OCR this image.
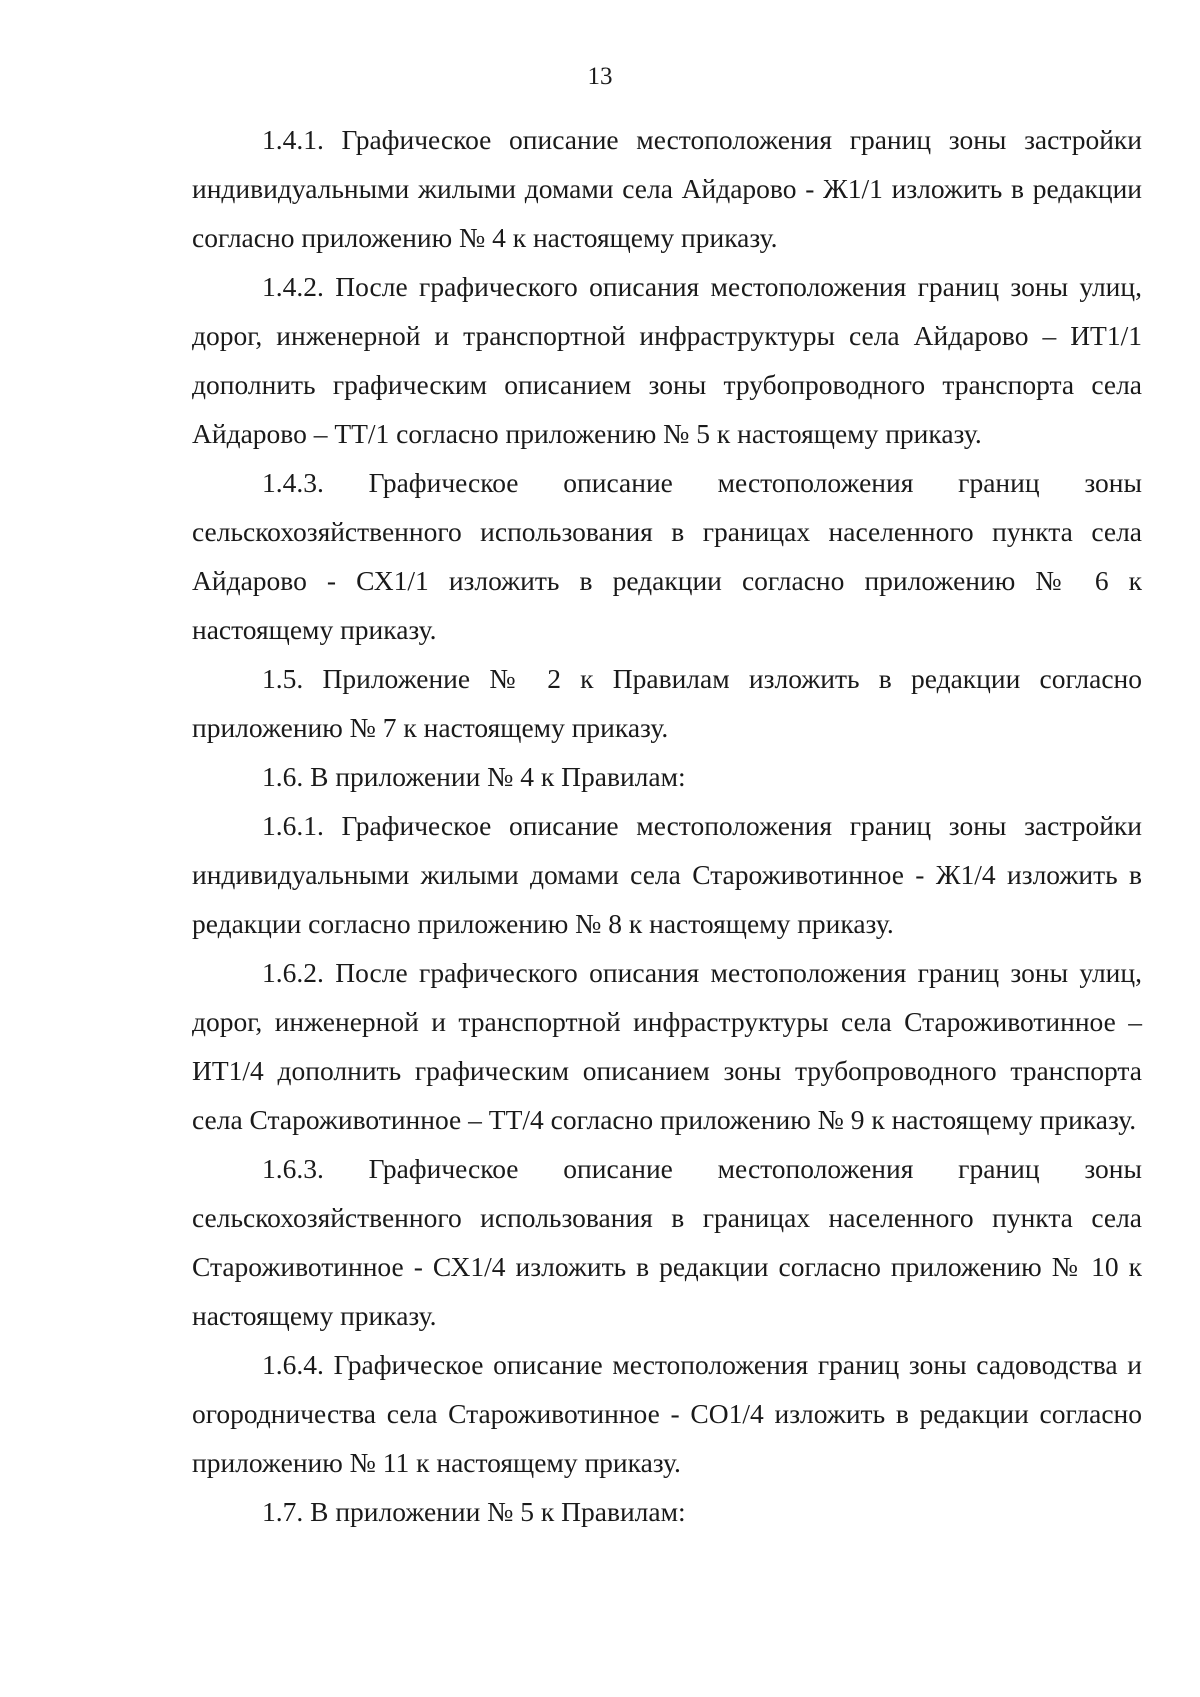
13

1.4.1. Графическое описание местоположения границ зоны застройки индивидуальными жилыми домами села Айдарово - Ж1/1 изложить в редакции согласно приложению № 4 к настоящему приказу.

1.4.2. После графического описания местоположения границ зоны улиц, дорог, инженерной и транспортной инфраструктуры села Айдарово – ИТ1/1 дополнить графическим описанием зоны трубопроводного транспорта села Айдарово – ТТ/1 согласно приложению № 5 к настоящему приказу.

1.4.3. Графическое описание местоположения границ зоны сельскохозяйственного использования в границах населенного пункта села Айдарово - СХ1/1 изложить в редакции согласно приложению № 6 к настоящему приказу.

1.5. Приложение № 2 к Правилам изложить в редакции согласно приложению № 7 к настоящему приказу.

1.6. В приложении № 4 к Правилам:

1.6.1. Графическое описание местоположения границ зоны застройки индивидуальными жилыми домами села Староживотинное - Ж1/4 изложить в редакции согласно приложению № 8 к настоящему приказу.

1.6.2. После графического описания местоположения границ зоны улиц, дорог, инженерной и транспортной инфраструктуры села Староживотинное – ИТ1/4 дополнить графическим описанием зоны трубопроводного транспорта села Староживотинное – ТТ/4 согласно приложению № 9 к настоящему приказу.

1.6.3. Графическое описание местоположения границ зоны сельскохозяйственного использования в границах населенного пункта села Староживотинное - СХ1/4 изложить в редакции согласно приложению № 10 к настоящему приказу.

1.6.4. Графическое описание местоположения границ зоны садоводства и огородничества села Староживотинное - СО1/4 изложить в редакции согласно приложению № 11 к настоящему приказу.

1.7. В приложении № 5 к Правилам:
